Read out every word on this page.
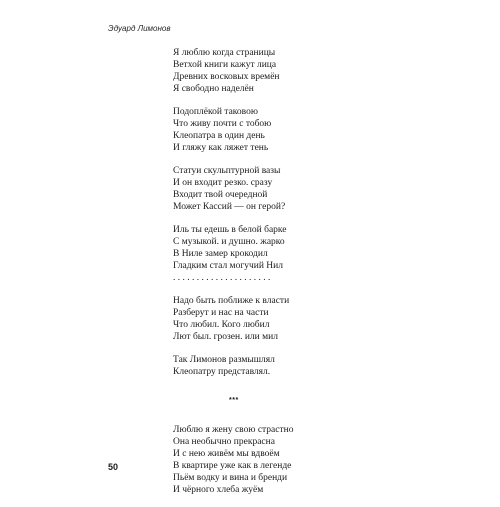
Эдуард Лимонов
Я люблю когда страницы
Ветхой книги кажут лица
Древних восковых времён
Я свободно наделён
Подоплёкой таковою
Что живу почти с тобою
Клеопатра в один день
И гляжу как ляжет тень
Статуи скульптурной вазы
И он входит резко. сразу
Входит твой очередной
Может Кассий — он герой?
Иль ты едешь в белой барке
С музыкой. и душно. жарко
В Ниле замер крокодил
Гладким стал могучий Нил
. . . . . . . . . . . . . . . . . . . . .
Надо быть поближе к власти
Разберут и нас на части
Что любил. Кого любил
Лют был. грозен. или мил
Так Лимонов размышлял
Клеопатру представлял.
***
Люблю я жену свою страстно
Она необычно прекрасна
И с нею живём мы вдвоём
В квартире уже как в легенде
Пьём водку и вина и бренди
И чёрного хлеба жуём
50
